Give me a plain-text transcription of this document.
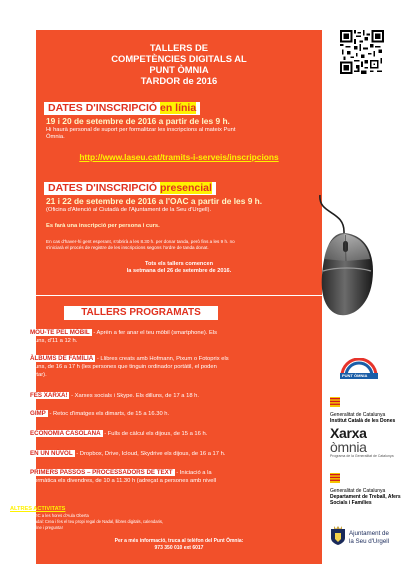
TALLERS DE
COMPETÈNCIES DIGITALS AL
PUNT ÒMNIA
TARDOR de 2016
DATES D'INSCRIPCIÓ en línia
19 i 20 de setembre de 2016 a partir de les 9 h.
Hi haurà personal de suport per formalitzar les inscripcions al mateix Punt
Òmnia.
http://www.laseu.cat/tramits-i-serveis/inscripcions
DATES D'INSCRIPCIÓ presencial
21 i 22 de setembre de 2016 a l'OAC a partir de les 9 h.
(Oficina d'Atenció al Ciutadà de l'Ajuntament de la Seu d'Urgell).
Es farà una inscripció per persona i curs.
En cas d'haver-hi gent esperant, s'obrirà a les 8.30 h. per donar tanda, però fins a les 9 h. no
s'iniciarà el procés de registre de les inscripcions segons l'ordre de tanda donat.
Tots els tallers comencen
la setmana del 26 de setembre de 2016.
TALLERS PROGRAMATS
• MOU-TE PEL MÒBIL - Aprèn a fer anar el teu mòbil (smartphone). Els
dilluns, d'11 a 12 h.
• ÀLBUMS DE FAMÍLIA - Llibres creats amb Hofmann, Pixum o Fotoprix els
dilluns, de 16 a 17 h (les persones que tinguin ordinador portàtil, el poden
portar).
• FES XARXA! - Xarxes socials i Skype. Els dilluns, de 17 a 18 h.
• GIMP - Retoc d'imatges els dimarts, de 15 a 16.30 h.
• ECONOMIA CASOLANA - Fulls de càlcul els dijous, de 15 a 16 h.
• EN UN NÚVOL - Dropbox, Drive, Icloud, Skydrive els dijous, de 16 a 17 h.
• PRIMERS PASSOS – PROCESSADORS DE TEXT - Iniciació a la
informàtica els divendres, de 10 a 11.30 h (adreçat a persones amb nivell
0).
ALTRES ACTIVITATS
*Repàs d'ACTIC a les hores d'Aula Oberta
*Regals de Nadal: Crea i fes el teu propi regal de Nadal, llibres digitals, calendaris,
postals...etc.Vine i pregunta!
Per a més informació, truca al telèfon del Punt Òmnia:
973 350 010 ext 6017
PUNT ÒMNIA
Generalitat de Catalunya
Institut Català de les Dones
Xarxa òmnia
Programa de la Generalitat de Catalunya
Generalitat de Catalunya
Departament de Treball, Afers Socials i Famílies
Ajuntament de
la Seu d'Urgell
